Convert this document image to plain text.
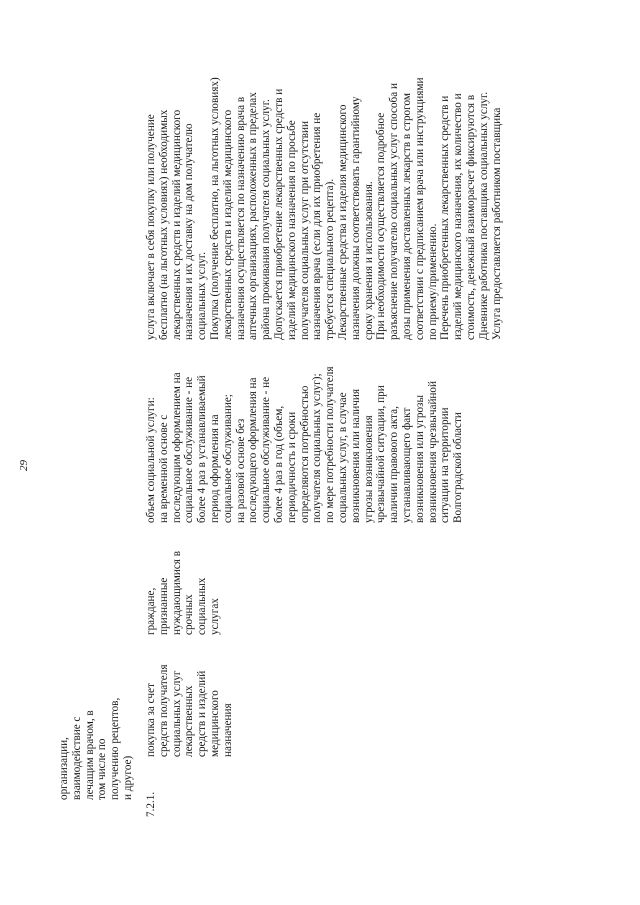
29
организации, взаимодействие с лечащим врачом, в том числе по получению рецептов, и другое)
7.2.1.
покупка за счет средств получателя социальных услуг лекарственных средств и изделий медицинского назначения
граждане, признанные нуждающимися в срочных социальных услугах
объем социальной услуги: на временной основе с последующим оформлением на социальное обслуживание - не более 4 раз в устанавливаемый период оформления на социальное обслуживание; на разовой основе без последующего оформления на социальное обслуживание - не более 4 раз в год (объем, периодичность и сроки определяются потребностью получателя социальных услуг); по мере потребности получателя социальных услуг, в случае возникновения или наличия угрозы возникновения чрезвычайной ситуации, при наличии правового акта, устанавливающего факт возникновения или угрозы возникновения чрезвычайной ситуации на территории Волгоградской области
услуга включает в себя покупку или получение бесплатно (на льготных условиях) необходимых лекарственных средств и изделий медицинского назначения и их доставку на дом получателю социальных услуг. Покупка (получение бесплатно, на льготных условиях) лекарственных средств и изделий медицинского назначения осуществляется по назначению врача в аптечных организациях, расположенных в пределах района проживания получателя социальных услуг. Допускается приобретение лекарственных средств и изделий медицинского назначения по просьбе получателя социальных услуг при отсутствии назначения врача (если для их приобретения не требуется специального рецепта). Лекарственные средства и изделия медицинского назначения должны соответствовать гарантийному сроку хранения и использования. При необходимости осуществляется подробное разъяснение получателю социальных услуг способа и дозы применения доставленных лекарств в строгом соответствии с предписанием врача или инструкциями по приему/применению. Перечень приобретенных лекарственных средств и изделий медицинского назначения, их количество и стоимость, денежный взаиморасчет фиксируются в Дневнике работника поставщика социальных услуг. Услуга предоставляется работником поставщика
